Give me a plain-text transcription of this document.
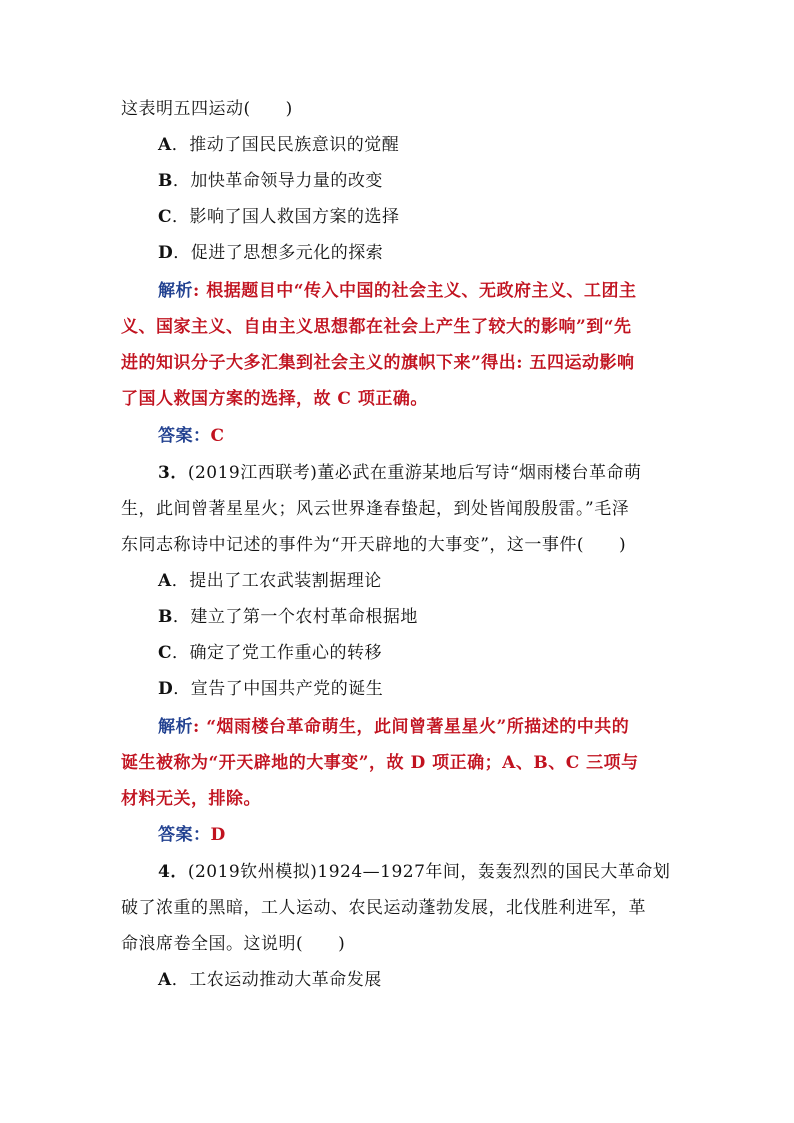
这表明五四运动(　　)
A．推动了国民民族意识的觉醒
B．加快革命领导力量的改变
C．影响了国人救国方案的选择
D．促进了思想多元化的探索
解析: 根据题目中“传入中国的社会主义、无政府主义、工团主
义、国家主义、自由主义思想都在社会上产生了较大的影响”到“先
进的知识分子大多汇集到社会主义的旗帜下来”得出: 五四运动影响
了国人救国方案的选择，故 C 项正确。
答案：C
3．(2019江西联考)董必武在重游某地后写诗“烟雨楼台革命萌
生，此间曾著星星火；风云世界逢春蛰起，到处皆闻殷殷雷。”毛泽
东同志称诗中记述的事件为“开天辟地的大事变”，这一事件(　　)
A．提出了工农武装割据理论
B．建立了第一个农村革命根据地
C．确定了党工作重心的转移
D．宣告了中国共产党的诞生
解析: “烟雨楼台革命萌生，此间曾著星星火”所描述的中共的
诞生被称为“开天辟地的大事变”，故 D 项正确；A、B、C 三项与
材料无关，排除。
答案：D
4．(2019钦州模拟)1924—1927年间，轰轰烈烈的国民大革命划
破了浓重的黑暗，工人运动、农民运动蓬勃发展，北伐胜利进军，革
命浪席卷全国。这说明(　　)
A．工农运动推动大革命发展
